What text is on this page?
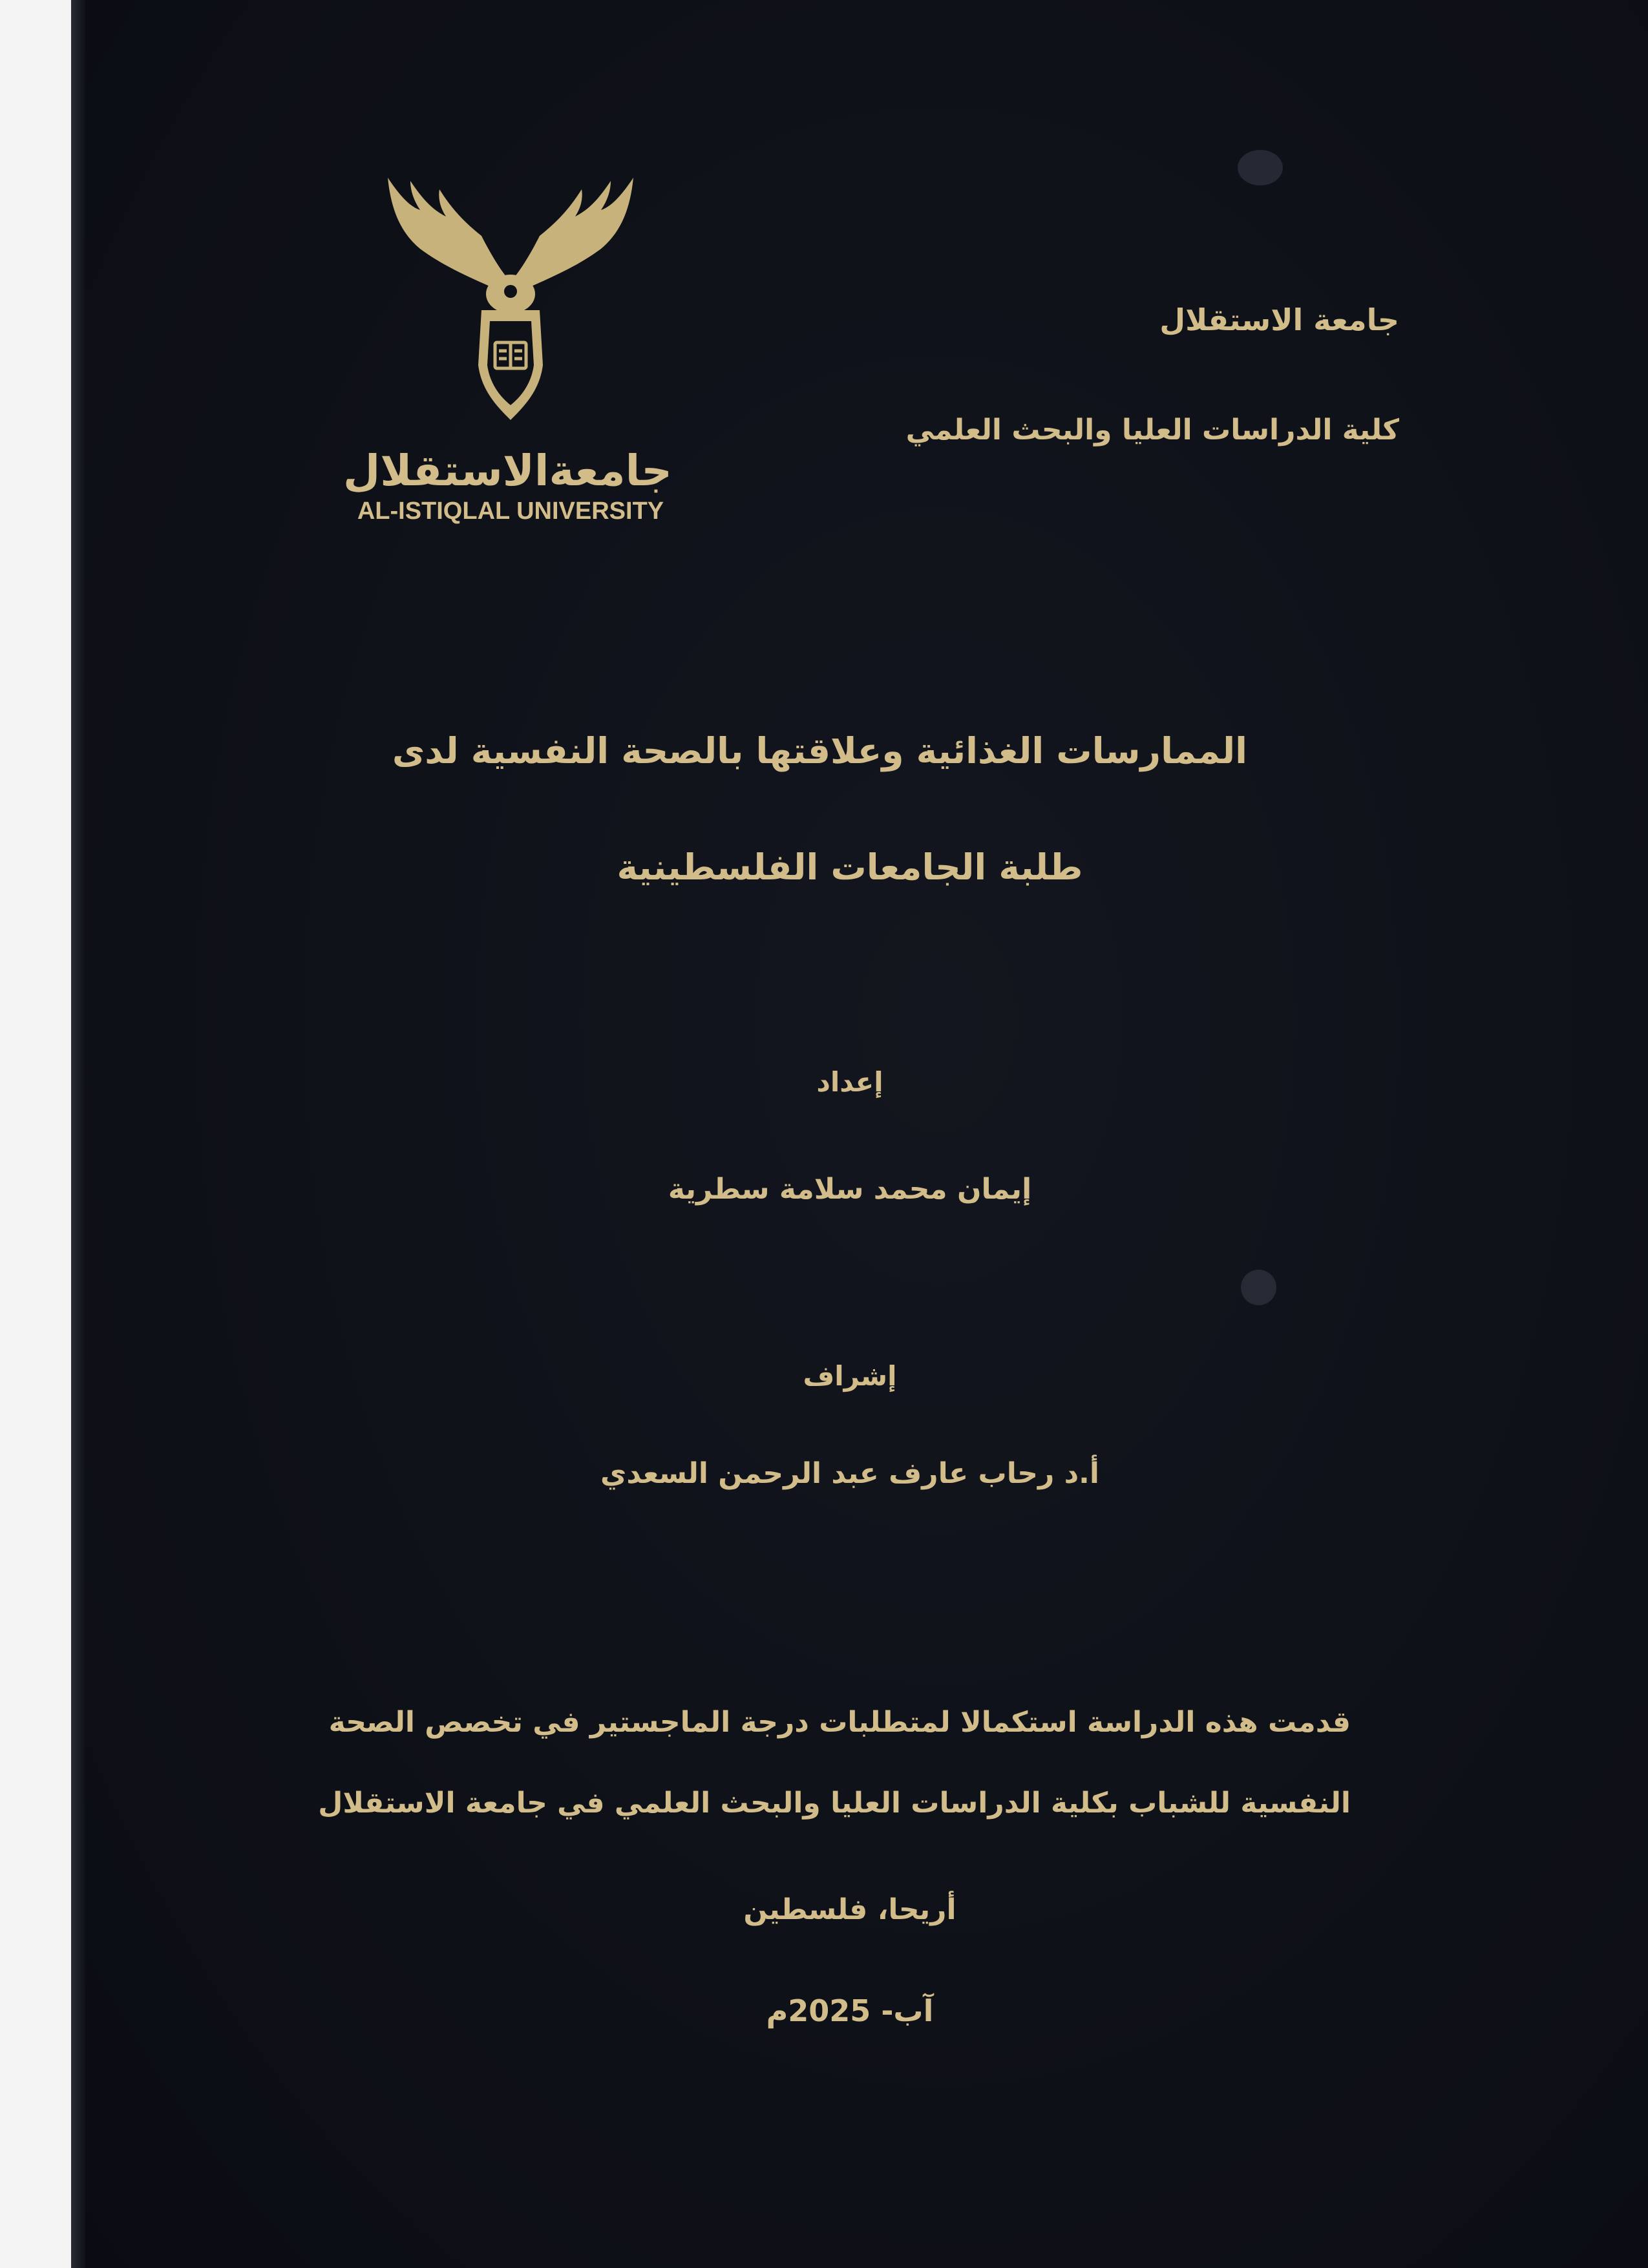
جامعةالاستقلال
AL-ISTIQLAL UNIVERSITY
جامعة الاستقلال
كلية الدراسات العليا والبحث العلمي
الممارسات الغذائية وعلاقتها بالصحة النفسية لدى
طلبة الجامعات الفلسطينية
إعداد
إيمان محمد سلامة سطرية
إشراف
أ.د رحاب عارف عبد الرحمن السعدي
قدمت هذه الدراسة استكمالا لمتطلبات درجة الماجستير في تخصص الصحة
النفسية للشباب بكلية الدراسات العليا والبحث العلمي في جامعة الاستقلال
أريحا، فلسطين
آب- 2025م
